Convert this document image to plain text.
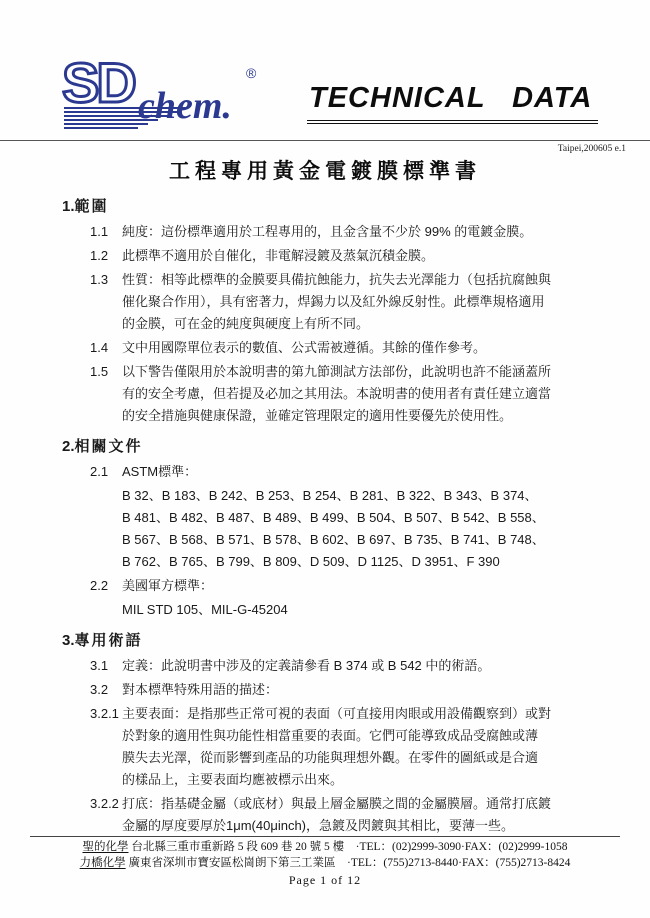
SD chem.
®
TECHNICAL DATA
Taipei,200605 e.1
工程專用黃金電鍍膜標準書
1.範圍
1.1	純度：這份標準適用於工程專用的，且金含量不少於 99% 的電鍍金膜。
1.2	此標準不適用於自催化，非電解浸鍍及蒸氣沉積金膜。
1.3	性質：相等此標準的金膜要具備抗蝕能力，抗失去光澤能力（包括抗腐蝕與
催化聚合作用），具有密著力，焊錫力以及紅外線反射性。此標準規格適用
的金膜，可在金的純度與硬度上有所不同。
1.4	文中用國際單位表示的數值、公式需被遵循。其餘的僅作參考。
1.5	以下警告僅限用於本說明書的第九節測試方法部份，此說明也許不能涵蓋所
有的安全考慮，但若提及必加之其用法。本說明書的使用者有責任建立適當
的安全措施與健康保證，並確定管理限定的適用性要優先於使用性。
2.相關文件
2.1	ASTM標準：
B 32、B 183、B 242、B 253、B 254、B 281、B 322、B 343、B 374、
B 481、B 482、B 487、B 489、B 499、B 504、B 507、B 542、B 558、
B 567、B 568、B 571、B 578、B 602、B 697、B 735、B 741、B 748、
B 762、B 765、B 799、B 809、D 509、D 1125、D 3951、F 390
2.2	美國軍方標準：
MIL STD 105、MIL-G-45204
3.專用術語
3.1	定義：此說明書中涉及的定義請參看 B 374 或 B 542 中的術語。
3.2	對本標準特殊用語的描述：
3.2.1 主要表面：是指那些正常可視的表面（可直接用肉眼或用設備觀察到）或對
於對象的適用性與功能性相當重要的表面。它們可能導致成品受腐蝕或薄
膜失去光澤，從而影響到產品的功能與理想外觀。在零件的圖紙或是合適
的樣品上，主要表面均應被標示出來。
3.2.2 打底：指基礎金屬（或底材）與最上層金屬膜之間的金屬膜層。通常打底鍍
金屬的厚度要厚於1μm(40μinch)，急鍍及閃鍍與其相比，要薄一些。
聖的化學 台北縣三重市重新路 5 段 609 巷 20 號 5 樓　·TEL：(02)2999-3090·FAX：(02)2999-1058
力橋化學 廣東省深圳市寶安區松崗朗下第三工業區　·TEL：(755)2713-8440·FAX：(755)2713-8424
Page 1 of 12
